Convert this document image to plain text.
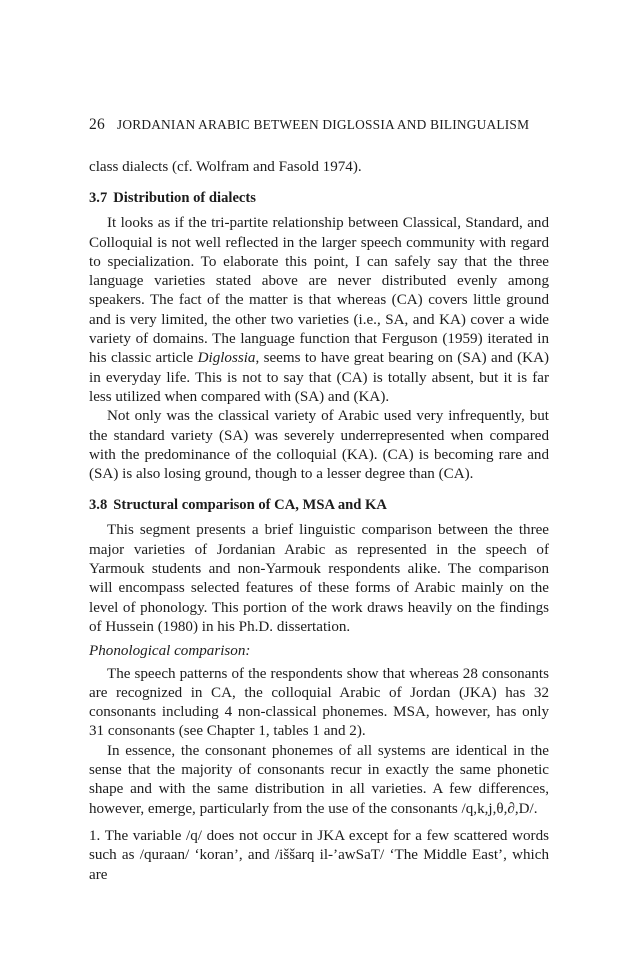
26 JORDANIAN ARABIC BETWEEN DIGLOSSIA AND BILINGUALISM

class dialects (cf. Wolfram and Fasold 1974).

3.7 Distribution of dialects

It looks as if the tri-partite relationship between Classical, Standard, and Colloquial is not well reflected in the larger speech community with regard to specialization. To elaborate this point, I can safely say that the three language varieties stated above are never distributed evenly among speakers. The fact of the matter is that whereas (CA) covers little ground and is very limited, the other two varieties (i.e., SA, and KA) cover a wide variety of domains. The language function that Ferguson (1959) iterated in his classic article Diglossia, seems to have great bearing on (SA) and (KA) in everyday life. This is not to say that (CA) is totally absent, but it is far less utilized when compared with (SA) and (KA).

Not only was the classical variety of Arabic used very infrequently, but the standard variety (SA) was severely underrepresented when compared with the predominance of the colloquial (KA). (CA) is becoming rare and (SA) is also losing ground, though to a lesser degree than (CA).

3.8 Structural comparison of CA, MSA and KA

This segment presents a brief linguistic comparison between the three major varieties of Jordanian Arabic as represented in the speech of Yarmouk students and non-Yarmouk respondents alike. The comparison will encompass selected features of these forms of Arabic mainly on the level of phonology. This portion of the work draws heavily on the findings of Hussein (1980) in his Ph.D. dissertation.

Phonological comparison:

The speech patterns of the respondents show that whereas 28 consonants are recognized in CA, the colloquial Arabic of Jordan (JKA) has 32 consonants including 4 non-classical phonemes. MSA, however, has only 31 consonants (see Chapter 1, tables 1 and 2).

In essence, the consonant phonemes of all systems are identical in the sense that the majority of consonants recur in exactly the same phonetic shape and with the same distribution in all varieties. A few differences, however, emerge, particularly from the use of the consonants /q,k,j,θ,∂,D/.

1. The variable /q/ does not occur in JKA except for a few scattered words such as /quraan/ ‘koran’, and /iššarq il-’awSaT/ ‘The Middle East’, which are
